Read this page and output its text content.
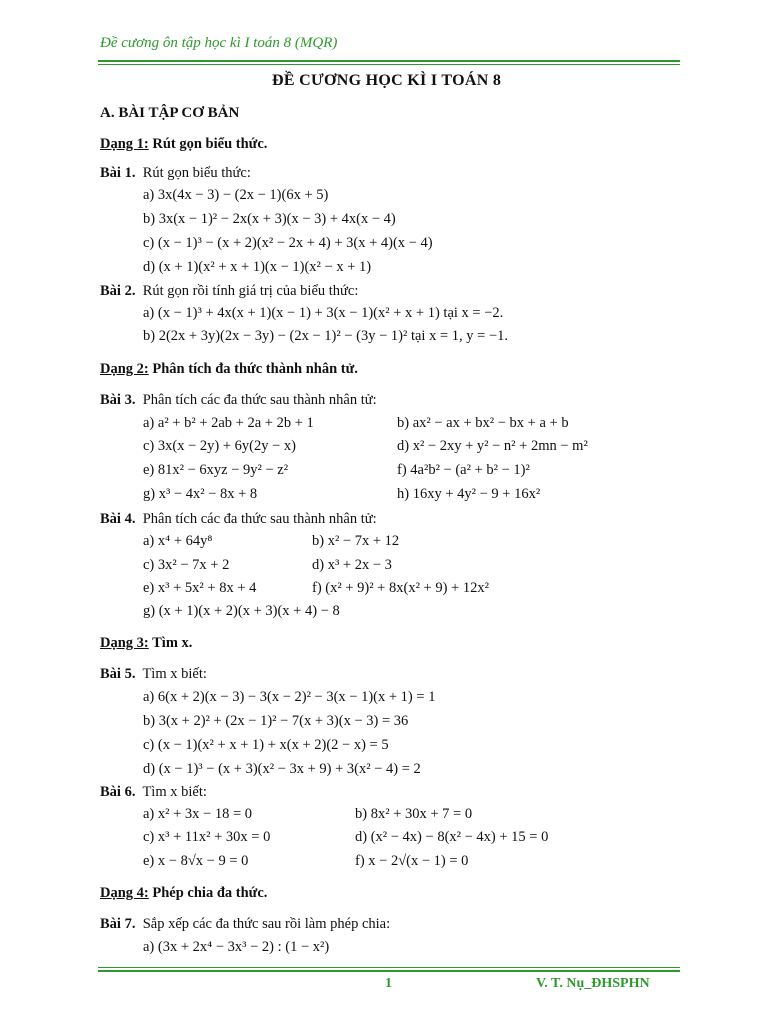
Đề cương ôn tập học kì I toán 8 (MQR)
ĐỀ CƯƠNG HỌC KÌ I TOÁN 8
A. BÀI TẬP CƠ BẢN
Dạng 1: Rút gọn biểu thức.
Bài 1. Rút gọn biểu thức:
a) 3x(4x − 3) − (2x − 1)(6x + 5)
b) 3x(x − 1)² − 2x(x + 3)(x − 3) + 4x(x − 4)
c) (x − 1)³ − (x + 2)(x² − 2x + 4) + 3(x + 4)(x − 4)
d) (x + 1)(x² + x + 1)(x − 1)(x² − x + 1)
Bài 2. Rút gọn rồi tính giá trị của biểu thức:
a) (x − 1)³ + 4x(x + 1)(x − 1) + 3(x − 1)(x² + x + 1) tại x = −2.
b) 2(2x + 3y)(2x − 3y) − (2x − 1)² − (3y − 1)² tại x = 1, y = −1.
Dạng 2: Phân tích đa thức thành nhân tử.
Bài 3. Phân tích các đa thức sau thành nhân tử:
a) a² + b² + 2ab + 2a + 2b + 1	b) ax² − ax + bx² − bx + a + b
c) 3x(x − 2y) + 6y(2y − x)	d) x² − 2xy + y² − n² + 2mn − m²
e) 81x² − 6xyz − 9y² − z²	f) 4a²b² − (a² + b² − 1)²
g) x³ − 4x² − 8x + 8	h) 16xy + 4y² − 9 + 16x²
Bài 4. Phân tích các đa thức sau thành nhân tử:
a) x⁴ + 64y⁸	b) x² − 7x + 12
c) 3x² − 7x + 2	d) x³ + 2x − 3
e) x³ + 5x² + 8x + 4	f) (x² + 9)² + 8x(x² + 9) + 12x²
g) (x + 1)(x + 2)(x + 3)(x + 4) − 8
Dạng 3: Tìm x.
Bài 5. Tìm x biết:
a) 6(x + 2)(x − 3) − 3(x − 2)² − 3(x − 1)(x + 1) = 1
b) 3(x + 2)² + (2x − 1)² − 7(x + 3)(x − 3) = 36
c) (x − 1)(x² + x + 1) + x(x + 2)(2 − x) = 5
d) (x − 1)³ − (x + 3)(x² − 3x + 9) + 3(x² − 4) = 2
Bài 6. Tìm x biết:
a) x² + 3x − 18 = 0	b) 8x² + 30x + 7 = 0
c) x³ + 11x² + 30x = 0	d) (x² − 4x) − 8(x² − 4x) + 15 = 0
e) x − 8√x − 9 = 0	f) x − 2√(x − 1) = 0
Dạng 4: Phép chia đa thức.
Bài 7. Sắp xếp các đa thức sau rồi làm phép chia:
a) (3x + 2x⁴ − 3x³ − 2) : (1 − x²)
1	V. T. Nụ_ĐHSPHN
